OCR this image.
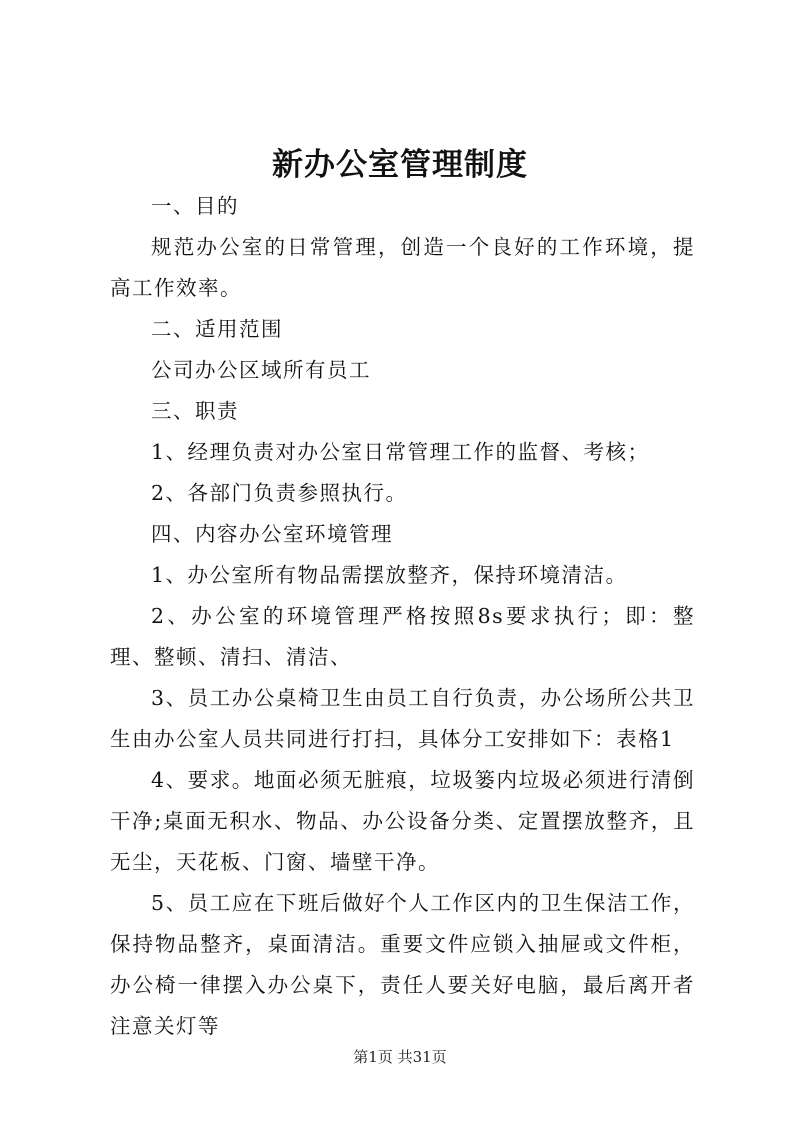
新办公室管理制度

一、目的

规范办公室的日常管理，创造一个良好的工作环境，提高工作效率。

二、适用范围

公司办公区域所有员工

三、职责

1、经理负责对办公室日常管理工作的监督、考核；

2、各部门负责参照执行。

四、内容办公室环境管理

1、办公室所有物品需摆放整齐，保持环境清洁。

2、办公室的环境管理严格按照8s要求执行；即：整理、整顿、清扫、清洁、

3、员工办公桌椅卫生由员工自行负责，办公场所公共卫生由办公室人员共同进行打扫，具体分工安排如下：表格1

4、要求。地面必须无脏痕，垃圾篓内垃圾必须进行清倒干净;桌面无积水、物品、办公设备分类、定置摆放整齐，且无尘，天花板、门窗、墙壁干净。

5、员工应在下班后做好个人工作区内的卫生保洁工作，保持物品整齐，桌面清洁。重要文件应锁入抽屉或文件柜，办公椅一律摆入办公桌下，责任人要关好电脑，最后离开者注意关灯等

第1页 共31页
